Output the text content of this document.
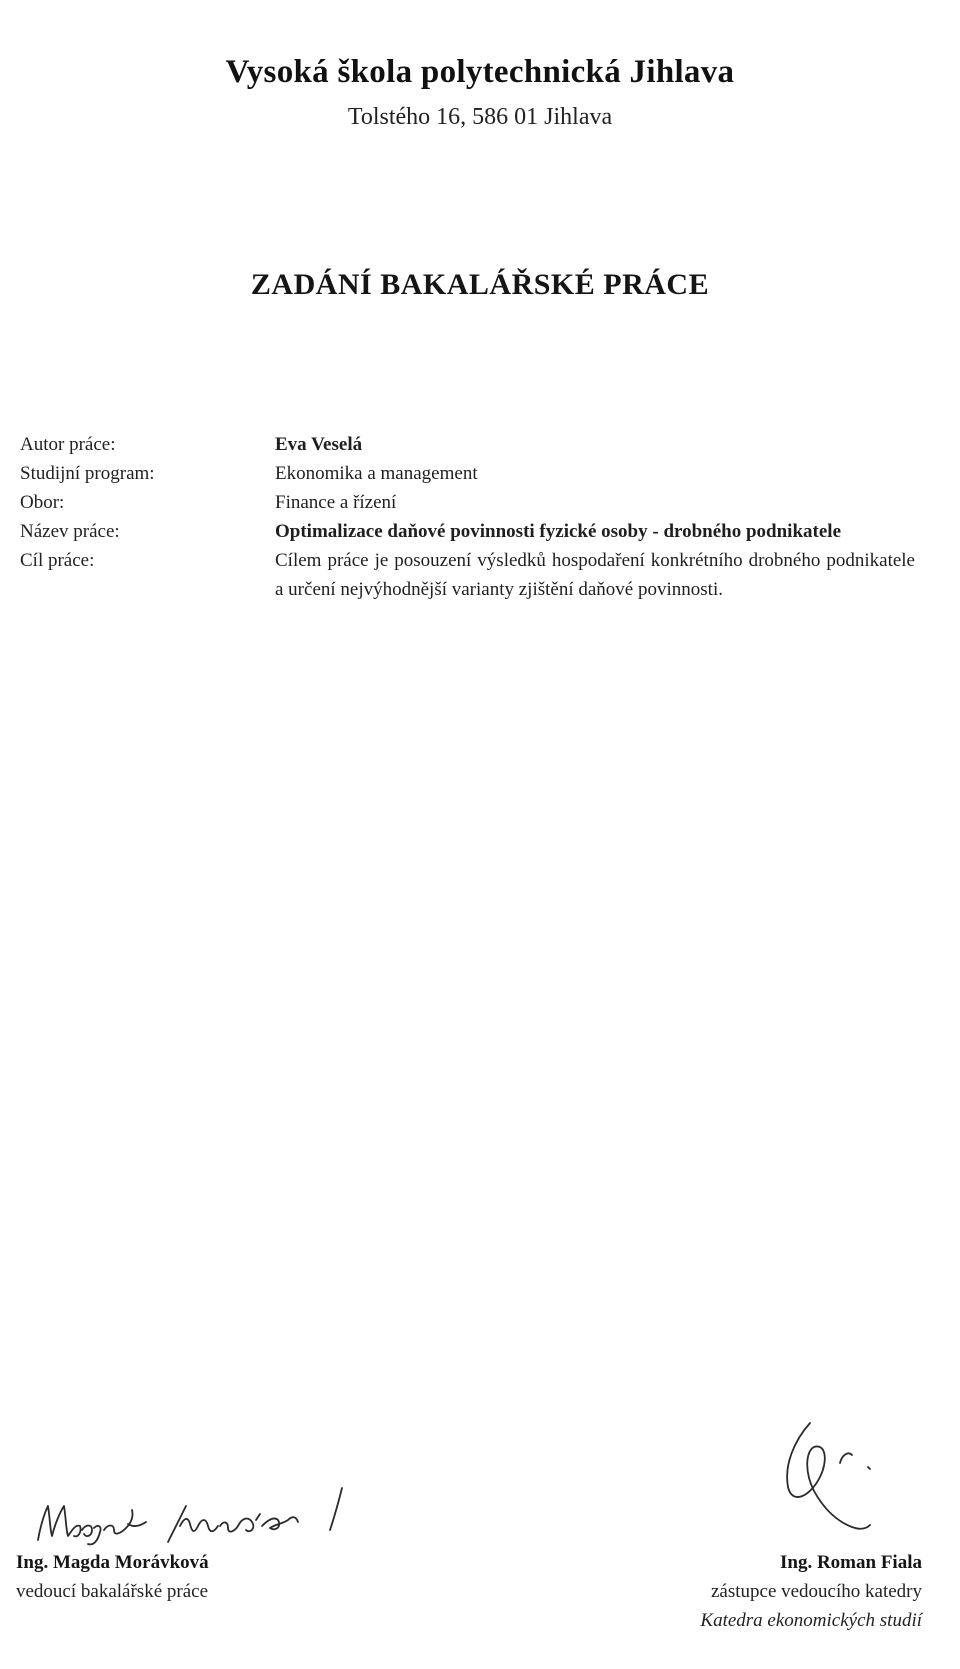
Vysoká škola polytechnická Jihlava
Tolstého 16, 586 01 Jihlava
ZADÁNÍ BAKALÁŘSKÉ PRÁCE
Autor práce:	Eva Veselá
Studijní program:	Ekonomika a management
Obor:	Finance a řízení
Název práce:	Optimalizace daňové povinnosti fyzické osoby - drobného podnikatele
Cíl práce:	Cílem práce je posouzení výsledků hospodaření konkrétního drobného podnikatele a určení nejvýhodnější varianty zjištění daňové povinnosti.
Ing. Magda Morávková
vedoucí bakalářské práce
Ing. Roman Fiala
zástupce vedoucího katedry
Katedra ekonomických studií
